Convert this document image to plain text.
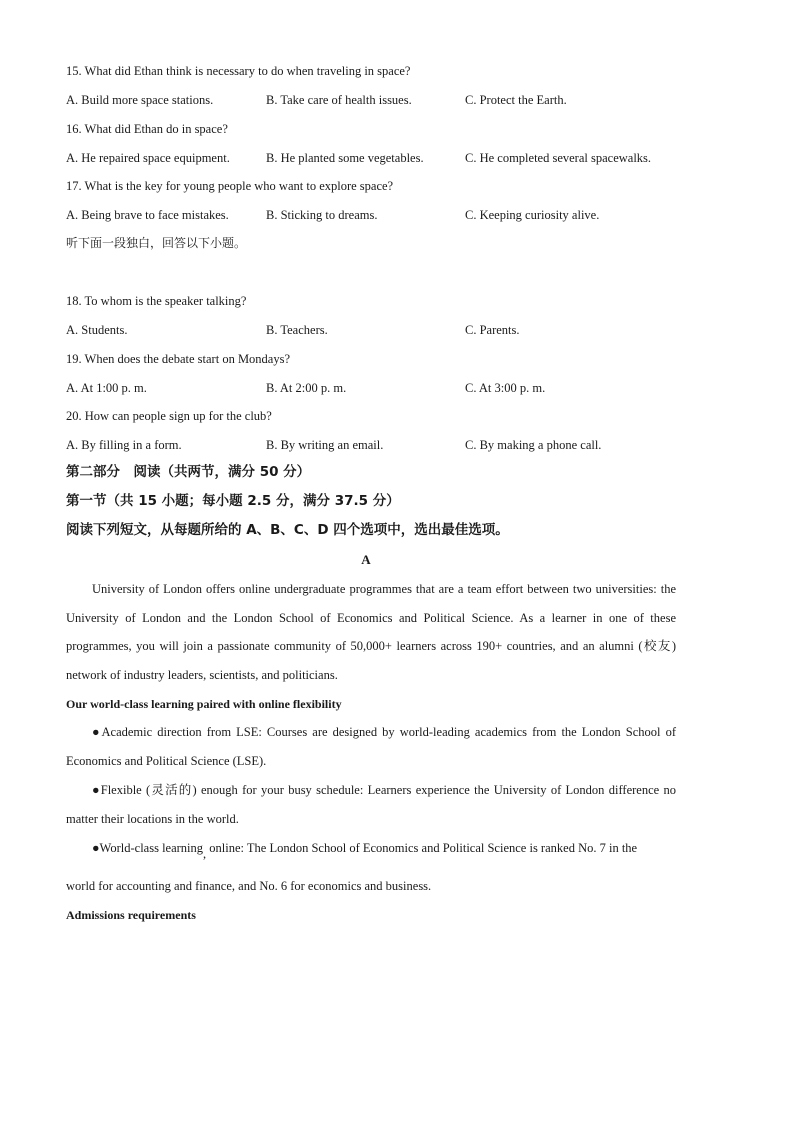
15. What did Ethan think is necessary to do when traveling in space?
A. Build more space stations.	B. Take care of health issues.	C. Protect the Earth.
16. What did Ethan do in space?
A. He repaired space equipment.	B. He planted some vegetables.	C. He completed several spacewalks.
17. What is the key for young people who want to explore space?
A. Being brave to face mistakes.	B. Sticking to dreams.	C. Keeping curiosity alive.
听下面一段独白，回答以下小题。
18. To whom is the speaker talking?
A. Students.	B. Teachers.	C. Parents.
19. When does the debate start on Mondays?
A. At 1:00 p. m.	B. At 2:00 p. m.	C. At 3:00 p. m.
20. How can people sign up for the club?
A. By filling in a form.	B. By writing an email.	C. By making a phone call.
第二部分　阅读（共两节，满分 50 分）
第一节（共 15 小题；每小题 2.5 分，满分 37.5 分）
阅读下列短文，从每题所给的 A、B、C、D 四个选项中，选出最佳选项。
A
University of London offers online undergraduate programmes that are a team effort between two universities: the University of London and the London School of Economics and Political Science. As a learner in one of these programmes, you will join a passionate community of 50,000+ learners across 190+ countries, and an alumni (校友) network of industry leaders, scientists, and politicians.
Our world-class learning paired with online flexibility
●Academic direction from LSE: Courses are designed by world-leading academics from the London School of Economics and Political Science (LSE).
●Flexible (灵活的) enough for your busy schedule: Learners experience the University of London difference no matter their locations in the world.
●World-class learning, online: The London School of Economics and Political Science is ranked No. 7 in the
world for accounting and finance, and No. 6 for economics and business.
Admissions requirements
